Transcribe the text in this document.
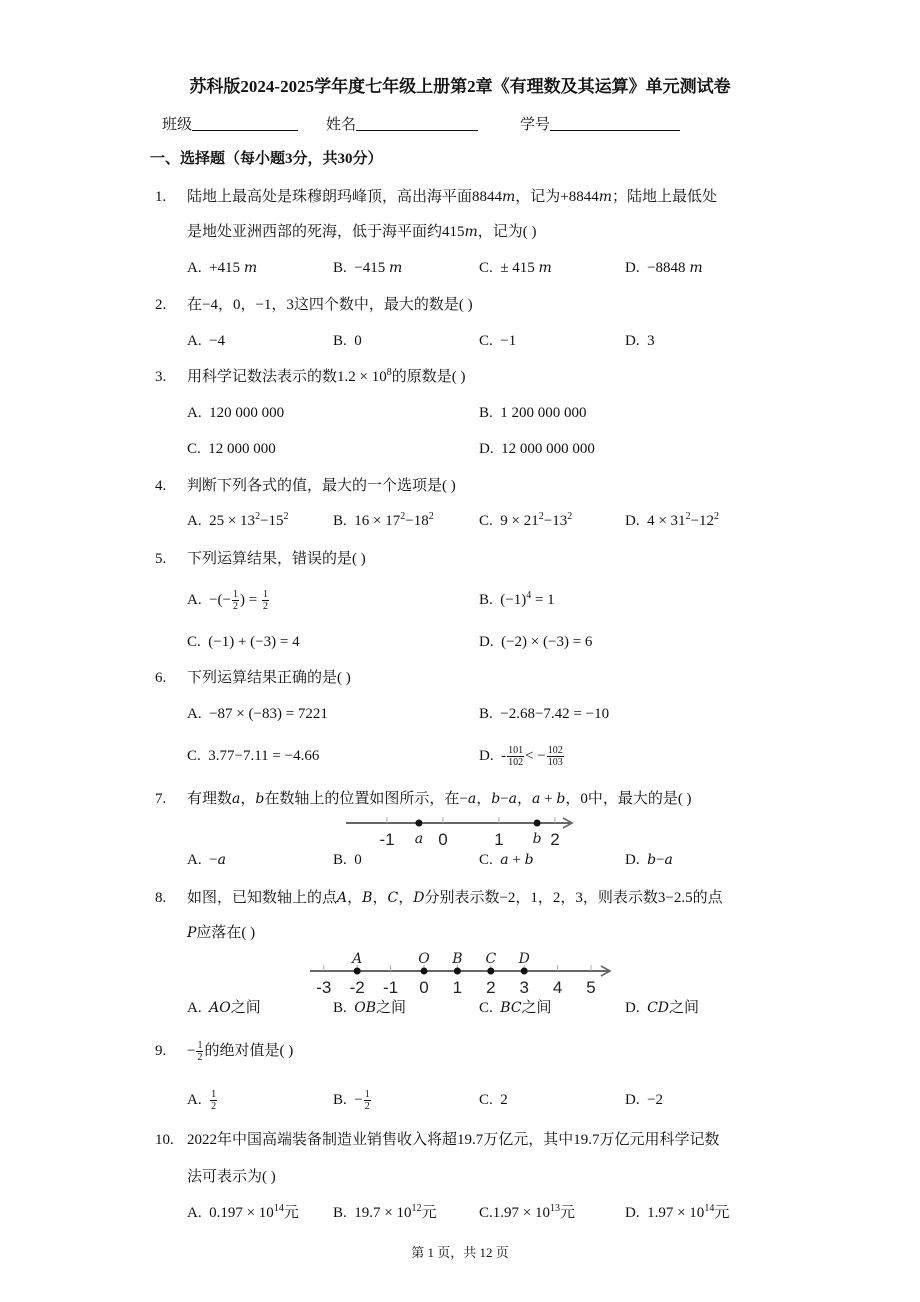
苏科版2024-2025学年度七年级上册第2章《有理数及其运算》单元测试卷
班级	姓名	学号
一、选择题（每小题3分，共30分）
1. 陆地上最高处是珠穆朗玛峰顶，高出海平面8844m，记为+8844m；陆地上最低处
是地处亚洲西部的死海，低于海平面约415m，记为( )
A.  +415 m	B.  −415 m	C.  ± 415 m	D.  −8848 m
2. 在−4，0，−1，3这四个数中，最大的数是( )
A.  −4	B.  0	C.  −1	D.  3
3. 用科学记数法表示的数$1.2 \times 10^8$的原数是( )
A.  120 000 000	B.  1 200 000 000
C.  12 000 000	D.  12 000 000 000
4. 判断下列各式的值，最大的一个选项是( )
A.  $25 \times 13^2-15^2$	B.  $16 \times 17^2-18^2$	C.  $9 \times 21^2-13^2$	D.  $4 \times 31^2-12^2$
5. 下列运算结果，错误的是( )
A.  −(− $\frac{1}{2}$ ) = $\frac{1}{2}$	B.  $(-1)^4 = 1$
C.  (−1) + (−3) = 4	D.  (−2) × (−3) = 6
6. 下列运算结果正确的是( )
A.  −87 × (−83) = 7221	B.  −2.68−7.42 = −10
C.  3.77−7.11 = −4.66	D.  - $\frac{101}{102}$ < − $\frac{102}{103}$
7. 有理数a，b在数轴上的位置如图所示，在−a，b−a，a + b，0中，最大的是( )
A.  −a	B.  0	C.  a + b	D.  b−a
8. 如图，已知数轴上的点A，B，C，D分别表示数−2，1，2，3，则表示数3−2.5的点
P应落在( )
A.  AO之间	B.  OB之间	C.  BC之间	D.  CD之间
9. − $\frac{1}{2}$ 的绝对值是( )
A. $\frac{1}{2}$	B.  − $\frac{1}{2}$	C.  2	D.  −2
10. 2022年中国高端装备制造业销售收入将超19.7万亿元，其中19.7万亿元用科学记数
法可表示为( )
A.  $0.197 \times 10^{14}$元 B.  $19.7 \times 10^{12}$元	$C.1.97 \times 10^{13}$元	D.  $1.97 \times 10^{14}$元
-1	0	1	2
a	b
-3 -2 -1 0 1 2 3 4 5
A	O B C D
第 1 页，共 12 页
